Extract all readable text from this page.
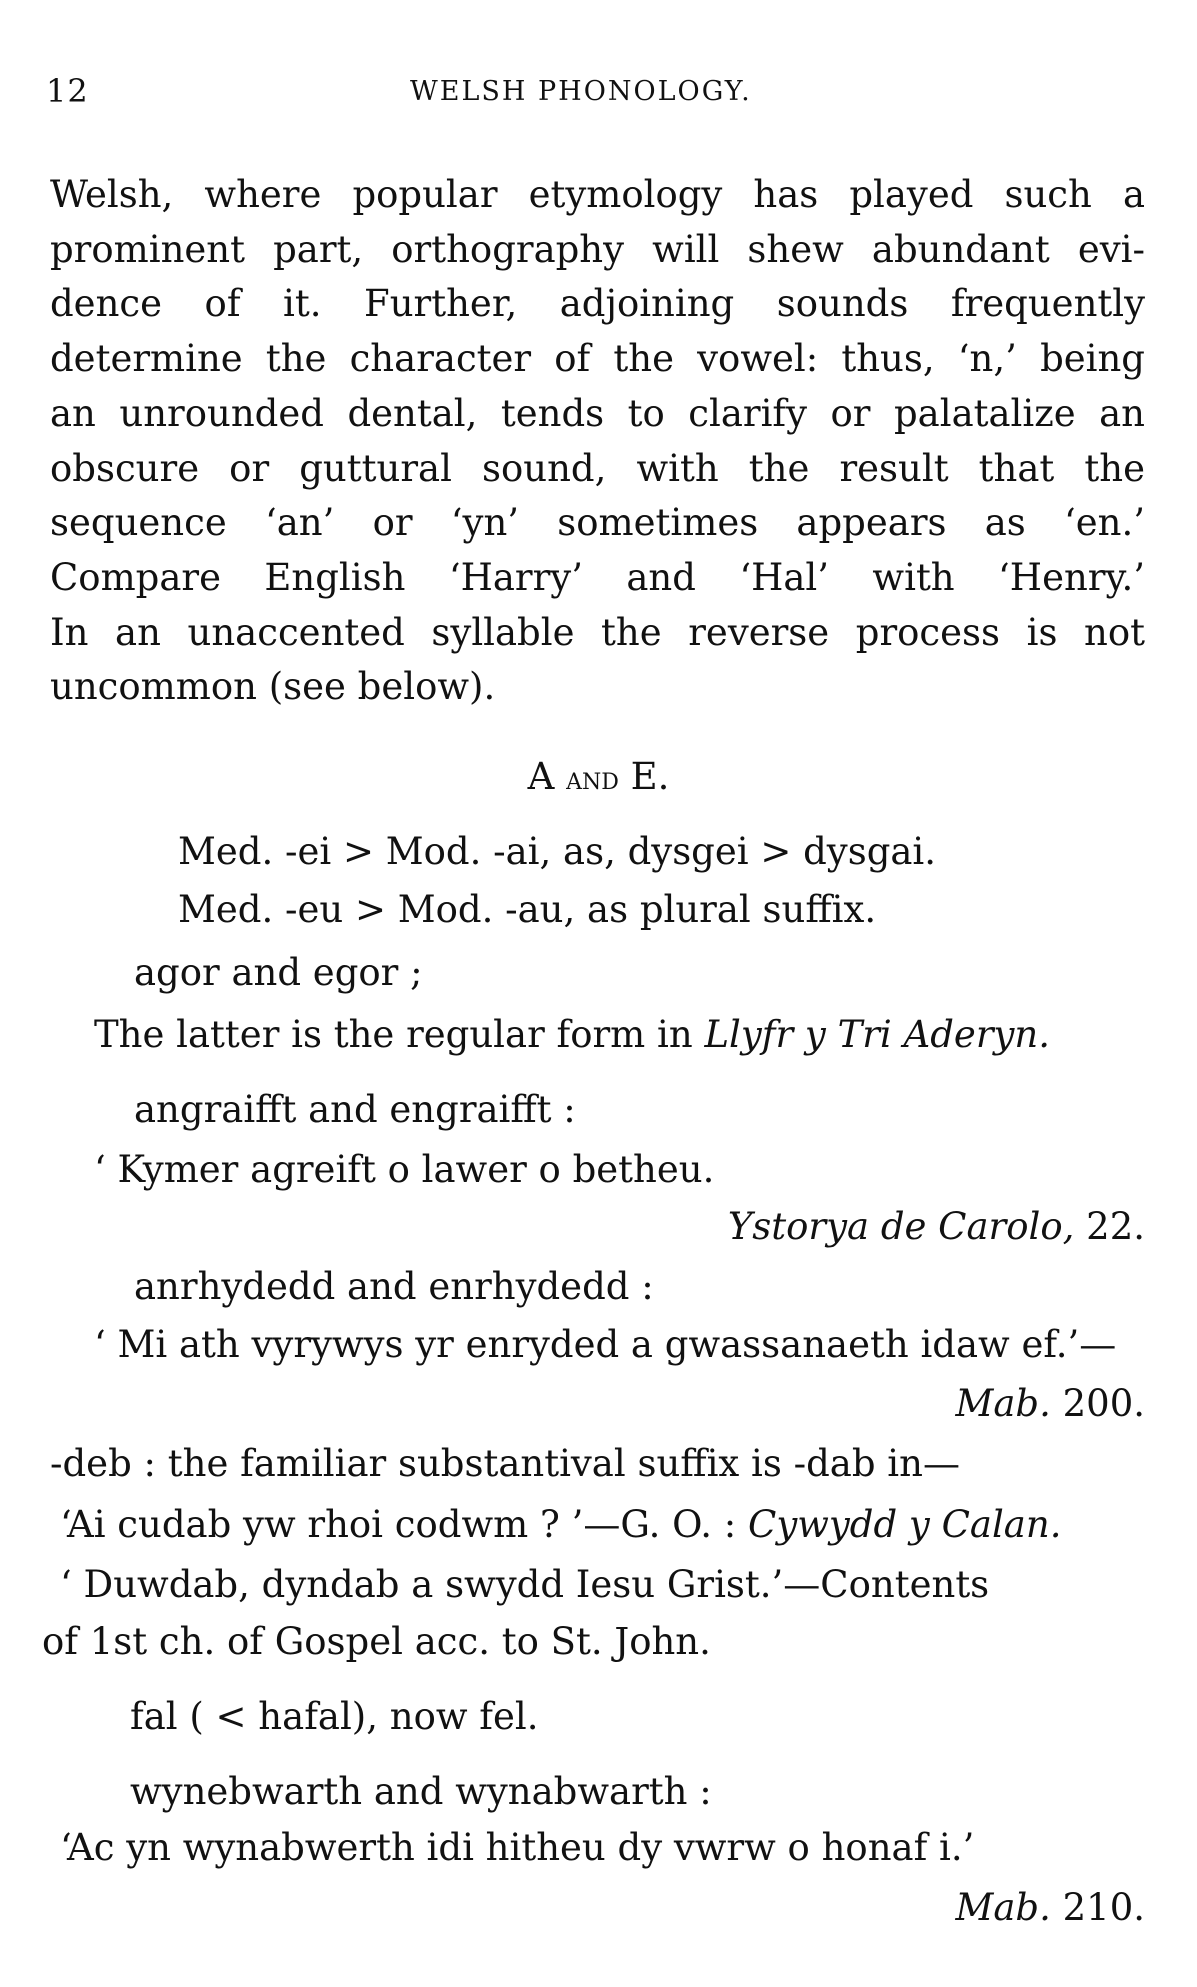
12	WELSH PHONOLOGY.
Welsh, where popular etymology has played such a
prominent part, orthography will shew abundant evi-
dence of it. Further, adjoining sounds frequently
determine the character of the vowel: thus, ‘n,’ being
an unrounded dental, tends to clarify or palatalize an
obscure or guttural sound, with the result that the
sequence ‘an’ or ‘yn’ sometimes appears as ‘en.’
Compare English ‘Harry’ and ‘Hal’ with ‘Henry.’
In an unaccented syllable the reverse process is not
uncommon (see below).
A and E.
Med. -ei > Mod. -ai, as, dysgei > dysgai.
Med. -eu > Mod. -au, as plural suffix.
agor and egor ;
The latter is the regular form in Llyfr y Tri Aderyn.
angraifft and engraifft :
‘ Kymer agreift o lawer o betheu.
Ystorya de Carolo, 22.
anrhydedd and enrhydedd :
‘ Mi ath vyrywys yr enryded a gwassanaeth idaw ef.’—
Mab. 200.
-deb : the familiar substantival suffix is -dab in—
‘Ai cudab yw rhoi codwm ? ’—G. O. : Cywydd y Calan.
‘ Duwdab, dyndab a swydd Iesu Grist.’—Contents
of 1st ch. of Gospel acc. to St. John.
fal ( < hafal), now fel.
wynebwarth and wynabwarth :
‘Ac yn wynabwerth idi hitheu dy vwrw o honaf i.’
Mab. 210.
